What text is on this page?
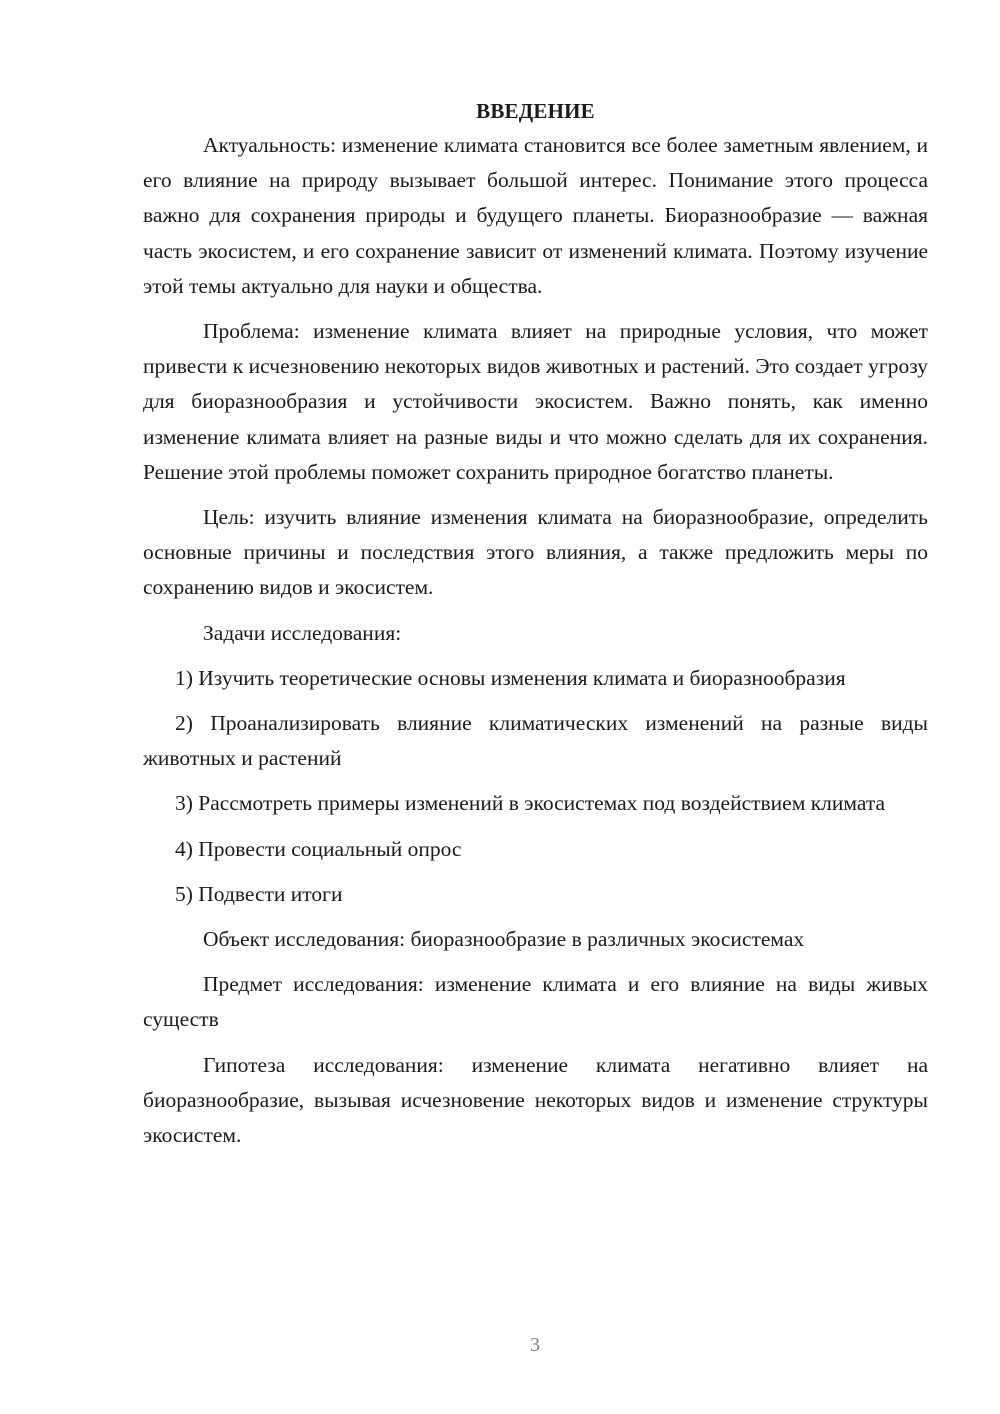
ВВЕДЕНИЕ

Актуальность: изменение климата становится все более заметным явлением, и его влияние на природу вызывает большой интерес. Понимание этого процесса важно для сохранения природы и будущего планеты. Биоразнообразие — важная часть экосистем, и его сохранение зависит от изменений климата. Поэтому изучение этой темы актуально для науки и общества.

Проблема: изменение климата влияет на природные условия, что может привести к исчезновению некоторых видов животных и растений. Это создает угрозу для биоразнообразия и устойчивости экосистем. Важно понять, как именно изменение климата влияет на разные виды и что можно сделать для их сохранения. Решение этой проблемы поможет сохранить природное богатство планеты.

Цель: изучить влияние изменения климата на биоразнообразие, определить основные причины и последствия этого влияния, а также предложить меры по сохранению видов и экосистем.

Задачи исследования:

1) Изучить теоретические основы изменения климата и биоразнообразия

2) Проанализировать влияние климатических изменений на разные виды животных и растений

3) Рассмотреть примеры изменений в экосистемах под воздействием климата

4) Провести социальный опрос

5) Подвести итоги

Объект исследования: биоразнообразие в различных экосистемах

Предмет исследования: изменение климата и его влияние на виды живых существ

Гипотеза исследования: изменение климата негативно влияет на биоразнообразие, вызывая исчезновение некоторых видов и изменение структуры экосистем.

3
